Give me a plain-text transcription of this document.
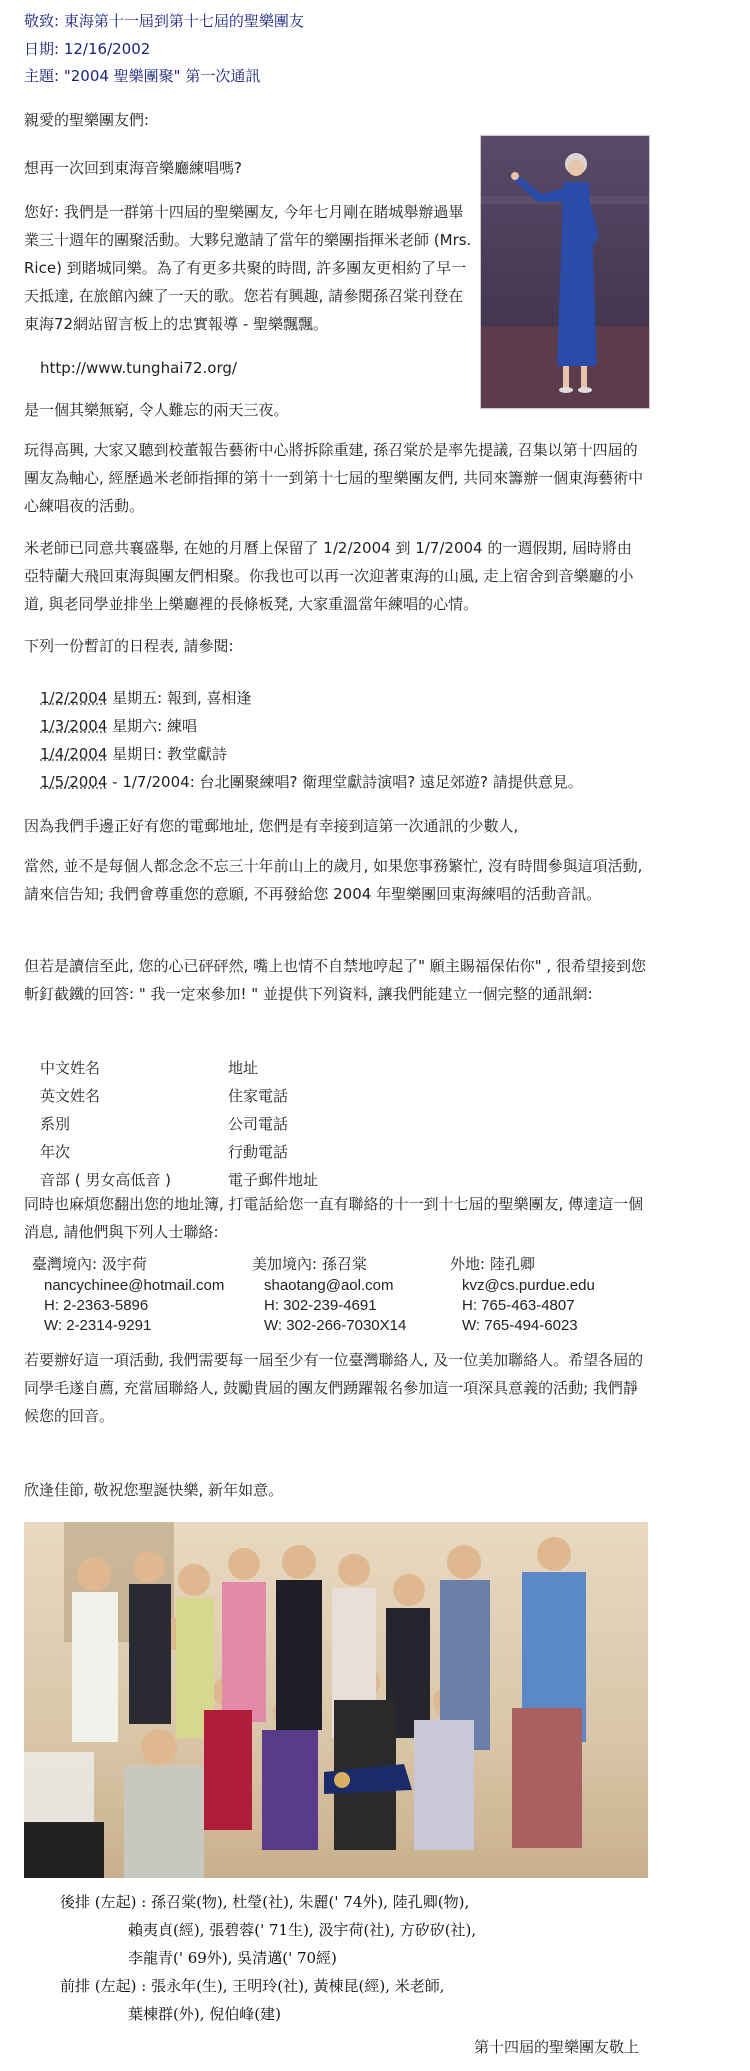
敬致: 東海第十一屆到第十七屆的聖樂團友
日期: 12/16/2002
主題: "2004 聖樂團聚" 第一次通訊

親愛的聖樂團友們:

想再一次回到東海音樂廳練唱嗎?

您好: 我們是一群第十四屆的聖樂團友, 今年七月剛在賭城舉辦過畢業三十週年的團聚活動。大夥兒邀請了當年的樂團指揮米老師 (Mrs. Rice) 到賭城同樂。為了有更多共聚的時間, 許多團友更相約了早一天抵達, 在旅館內練了一天的歌。您若有興趣, 請參閱孫召棠刊登在東海72網站留言板上的忠實報導 - 聖樂飄飄。

http://www.tunghai72.org/

是一個其樂無窮, 令人難忘的兩天三夜。

玩得高興, 大家又聽到校董報告藝術中心將拆除重建, 孫召棠於是率先提議, 召集以第十四屆的團友為軸心, 經歷過米老師指揮的第十一到第十七屆的聖樂團友們, 共同來籌辦一個東海藝術中心練唱夜的活動。

米老師已同意共襄盛舉, 在她的月曆上保留了 1/2/2004 到 1/7/2004 的一週假期, 屆時將由亞特蘭大飛回東海與團友們相聚。你我也可以再一次迎著東海的山風, 走上宿舍到音樂廳的小道, 與老同學並排坐上樂廳裡的長條板凳, 大家重溫當年練唱的心情。

下列一份暫訂的日程表, 請參閱:

1/2/2004 星期五: 報到, 喜相逢
1/3/2004 星期六: 練唱
1/4/2004 星期日: 教堂獻詩
1/5/2004 - 1/7/2004: 台北團聚練唱? 衛理堂獻詩演唱? 遠足郊遊? 請提供意見。

因為我們手邊正好有您的電郵地址, 您們是有幸接到這第一次通訊的少數人,

當然, 並不是每個人都念念不忘三十年前山上的歲月, 如果您事務繁忙, 沒有時間參與這項活動, 請來信告知; 我們會尊重您的意願, 不再發給您 2004 年聖樂團回東海練唱的活動音訊。

但若是讀信至此, 您的心已砰砰然, 嘴上也情不自禁地哼起了" 願主賜福保佑你" , 很希望接到您斬釘截鐵的回答: " 我一定來參加! " 並提供下列資料, 讓我們能建立一個完整的通訊網:

中文姓名	地址
英文姓名	住家電話
系別	公司電話
年次	行動電話
音部 ( 男女高低音 )	電子郵件地址

同時也麻煩您翻出您的地址簿, 打電話給您一直有聯絡的十一到十七屆的聖樂團友, 傳達這一個消息, 請他們與下列人士聯絡:

臺灣境內: 汲宇荷
nancychinee@hotmail.com
H: 2-2363-5896
W: 2-2314-9291
美加境內: 孫召棠
shaotang@aol.com
H: 302-239-4691
W: 302-266-7030X14
外地: 陸孔卿
kvz@cs.purdue.edu
H: 765-463-4807
W: 765-494-6023

若要辦好這一項活動, 我們需要每一屆至少有一位臺灣聯絡人, 及一位美加聯絡人。希望各屆的同學毛遂自薦, 充當屆聯絡人, 鼓勵貴屆的團友們踴躍報名參加這一項深具意義的活動; 我們靜候您的回音。

欣逢佳節, 敬祝您聖誕快樂, 新年如意。

後排 (左起) : 孫召棠(物), 杜瑩(社), 朱麗(' 74外), 陸孔卿(物),
賴夷貞(經), 張碧蓉(' 71生), 汲宇荷(社), 方矽矽(社),
李龍青(' 69外), 吳清邁(' 70經)
前排 (左起) : 張永年(生), 王明玲(社), 黃棟昆(經), 米老師,
葉棟群(外), 倪伯峰(建)
第十四屆的聖樂團友敬上
